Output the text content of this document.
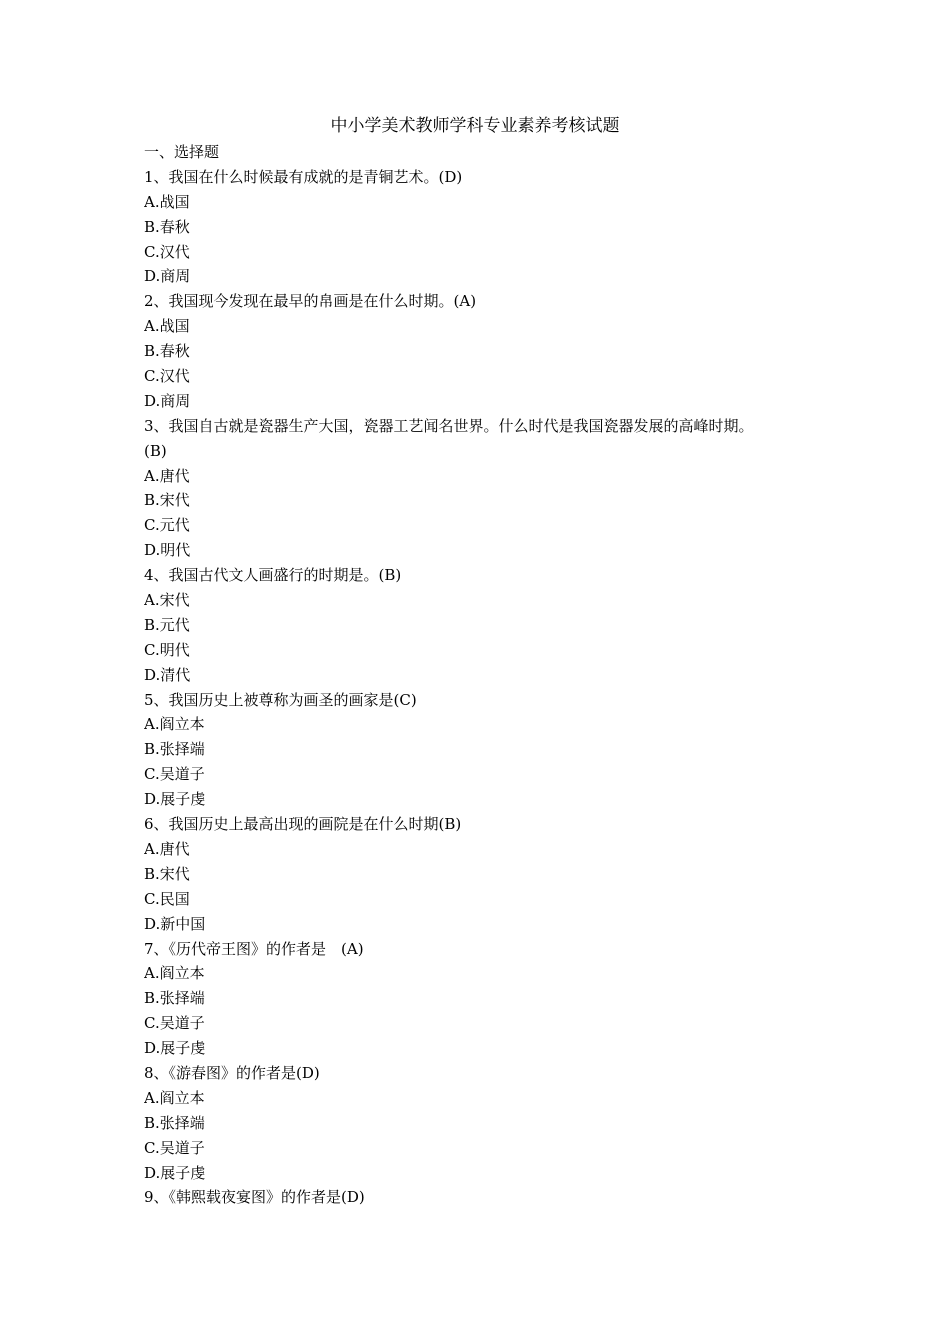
中小学美术教师学科专业素养考核试题
一、选择题
1、我国在什么时候最有成就的是青铜艺术。(D)
A.战国
B.春秋
C.汉代
D.商周
2、我国现今发现在最早的帛画是在什么时期。(A)
A.战国
B.春秋
C.汉代
D.商周
3、我国自古就是瓷器生产大国，瓷器工艺闻名世界。什么时代是我国瓷器发展的高峰时期。
(B)
A.唐代
B.宋代
C.元代
D.明代
4、我国古代文人画盛行的时期是。(B)
A.宋代
B.元代
C.明代
D.清代
5、我国历史上被尊称为画圣的画家是(C)
A.阎立本
B.张择端
C.吴道子
D.展子虔
6、我国历史上最高出现的画院是在什么时期(B)
A.唐代
B.宋代
C.民国
D.新中国
7、《历代帝王图》的作者是　(A)
A.阎立本
B.张择端
C.吴道子
D.展子虔
8、《游春图》的作者是(D)
A.阎立本
B.张择端
C.吴道子
D.展子虔
9、《韩熙载夜宴图》的作者是(D)
